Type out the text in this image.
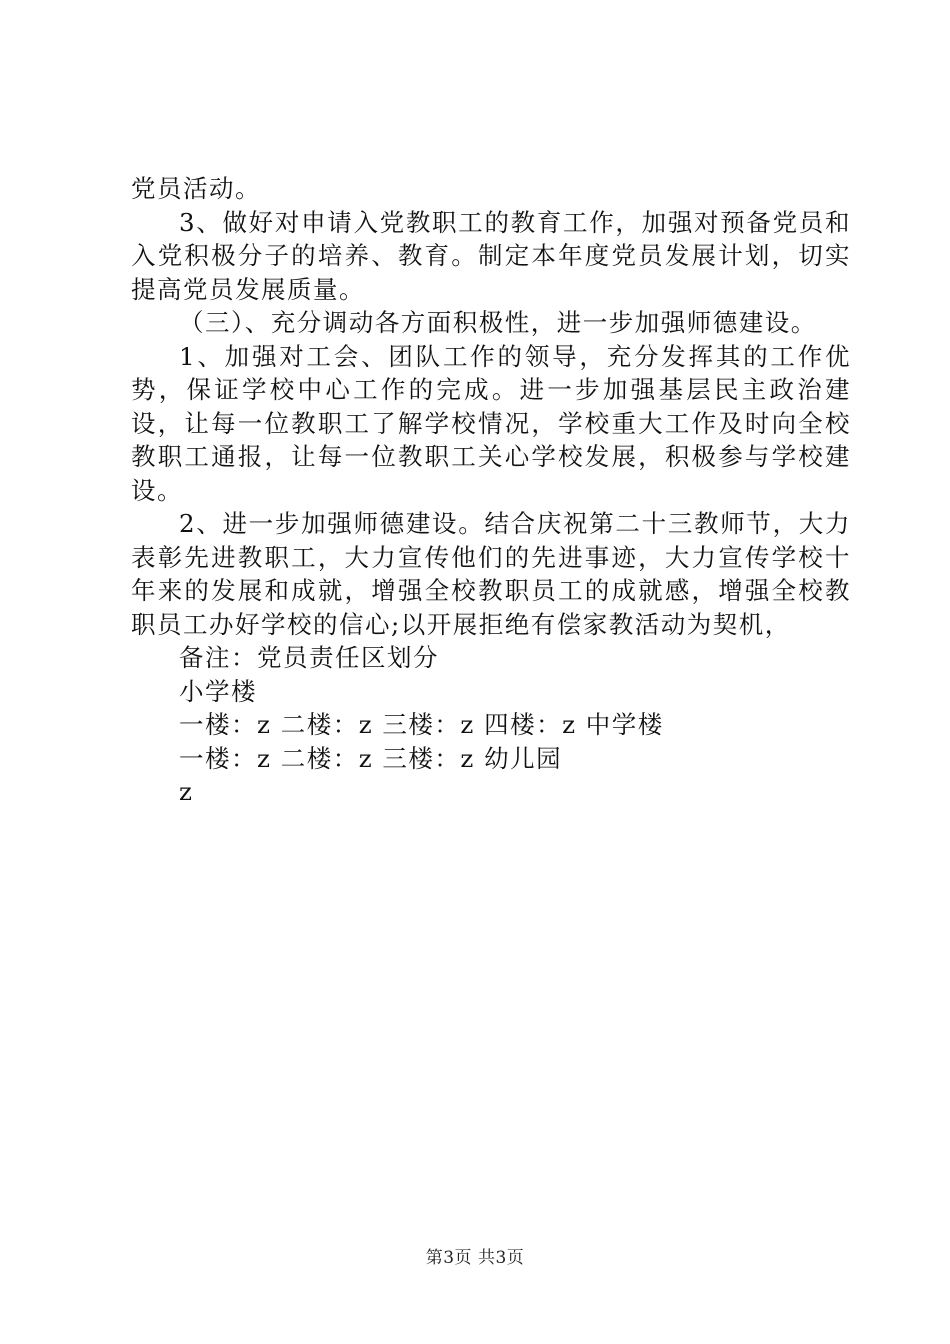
党员活动。

3、做好对申请入党教职工的教育工作，加强对预备党员和入党积极分子的培养、教育。制定本年度党员发展计划，切实提高党员发展质量。

（三）、充分调动各方面积极性，进一步加强师德建设。

1、加强对工会、团队工作的领导，充分发挥其的工作优势，保证学校中心工作的完成。进一步加强基层民主政治建设，让每一位教职工了解学校情况，学校重大工作及时向全校教职工通报，让每一位教职工关心学校发展，积极参与学校建设。

2、进一步加强师德建设。结合庆祝第二十三教师节，大力表彰先进教职工，大力宣传他们的先进事迹，大力宣传学校十年来的发展和成就，增强全校教职员工的成就感，增强全校教职员工办好学校的信心;以开展拒绝有偿家教活动为契机，

备注：党员责任区划分

小学楼

一楼：z 二楼：z 三楼：z 四楼：z 中学楼

一楼：z 二楼：z 三楼：z 幼儿园

z

第3页 共3页
